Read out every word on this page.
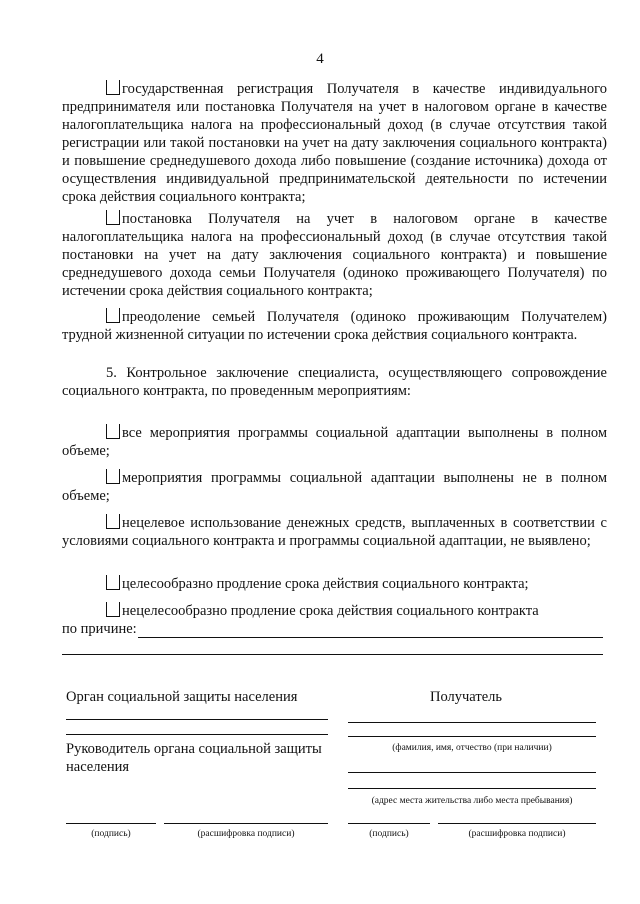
4
государственная регистрация Получателя в качестве индивидуального предпринимателя или постановка Получателя на учет в налоговом органе в качестве налогоплательщика налога на профессиональный доход (в случае отсутствия такой регистрации или такой постановки на учет на дату заключения социального контракта) и повышение среднедушевого дохода либо повышение (создание источника) дохода от осуществления индивидуальной предпринимательской деятельности по истечении срока действия социального контракта;
постановка Получателя на учет в налоговом органе в качестве налогоплательщика налога на профессиональный доход (в случае отсутствия такой постановки на учет на дату заключения социального контракта) и повышение среднедушевого дохода семьи Получателя (одиноко проживающего Получателя) по истечении срока действия социального контракта;
преодоление семьей Получателя (одиноко проживающим Получателем) трудной жизненной ситуации по истечении срока действия социального контракта.
5. Контрольное заключение специалиста, осуществляющего сопровождение социального контракта, по проведенным мероприятиям:
все мероприятия программы социальной адаптации выполнены в полном объеме;
мероприятия программы социальной адаптации выполнены не в полном объеме;
нецелевое использование денежных средств, выплаченных в соответствии с условиями социального контракта и программы социальной адаптации, не выявлено;
целесообразно продление срока действия социального контракта;
нецелесообразно продление срока действия социального контракта
по причине:
Орган социальной защиты населения	Получатель
(фамилия, имя, отчество (при наличии)
Руководитель органа социальной защиты населения
(адрес места жительства либо места пребывания)
(подпись)	(расшифровка подписи)	(подпись)	(расшифровка подписи)
